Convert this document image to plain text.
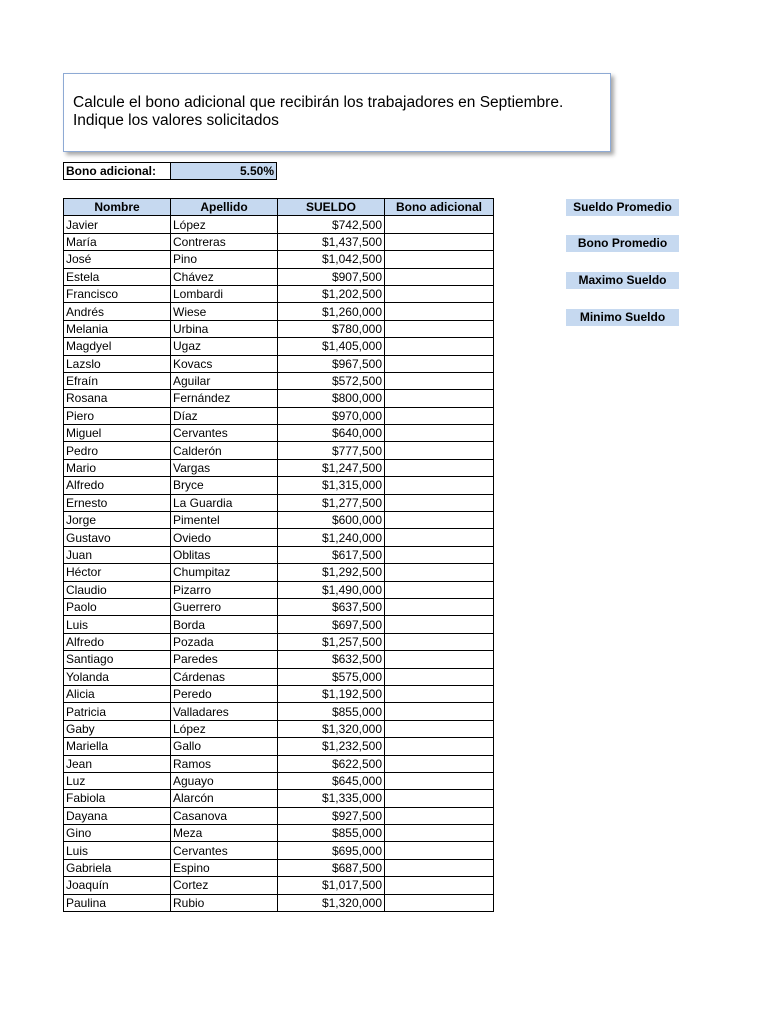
Calcule el bono adicional que recibirán los trabajadores en Septiembre.
Indique los valores solicitados
Bono adicional:	5.50%
Nombre	Apellido	SUELDO	Bono adicional
Javier	López	$742,500	
María	Contreras	$1,437,500	
José	Pino	$1,042,500	
Estela	Chávez	$907,500	
Francisco	Lombardi	$1,202,500	
Andrés	Wiese	$1,260,000	
Melania	Urbina	$780,000	
Magdyel	Ugaz	$1,405,000	
Lazslo	Kovacs	$967,500	
Efraín	Aguilar	$572,500	
Rosana	Fernández	$800,000	
Piero	Díaz	$970,000	
Miguel	Cervantes	$640,000	
Pedro	Calderón	$777,500	
Mario	Vargas	$1,247,500	
Alfredo	Bryce	$1,315,000	
Ernesto	La Guardia	$1,277,500	
Jorge	Pimentel	$600,000	
Gustavo	Oviedo	$1,240,000	
Juan	Oblitas	$617,500	
Héctor	Chumpitaz	$1,292,500	
Claudio	Pizarro	$1,490,000	
Paolo	Guerrero	$637,500	
Luis	Borda	$697,500	
Alfredo	Pozada	$1,257,500	
Santiago	Paredes	$632,500	
Yolanda	Cárdenas	$575,000	
Alicia	Peredo	$1,192,500	
Patricia	Valladares	$855,000	
Gaby	López	$1,320,000	
Mariella	Gallo	$1,232,500	
Jean	Ramos	$622,500	
Luz	Aguayo	$645,000	
Fabiola	Alarcón	$1,335,000	
Dayana	Casanova	$927,500	
Gino	Meza	$855,000	
Luis	Cervantes	$695,000	
Gabriela	Espino	$687,500	
Joaquín	Cortez	$1,017,500	
Paulina	Rubio	$1,320,000	
Sueldo Promedio
Bono Promedio
Maximo Sueldo
Minimo Sueldo
